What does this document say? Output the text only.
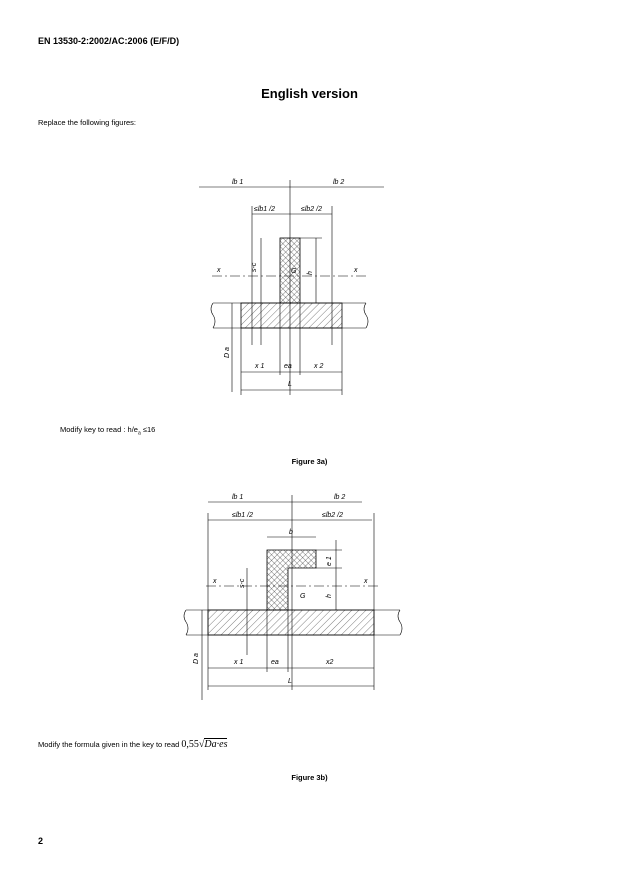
EN 13530-2:2002/AC:2006 (E/F/D)
English version
Replace the following figures:
lb 1	lb 2
≤lb1 /2	≤lb2 /2
x	x
G
s-c
h
D a
x 1	ea	x 2
L
lb 1	lb 2
≤lb1 /2	≤lb2 /2
b
e 1
x	x
G
s-c
h
D a	x 1	ea	x2
L
Modify key to read : $h/e_a \le 16$
Figure 3a)
Modify the formula given in the key to read 0,55√Da·es
Figure 3b)
2
